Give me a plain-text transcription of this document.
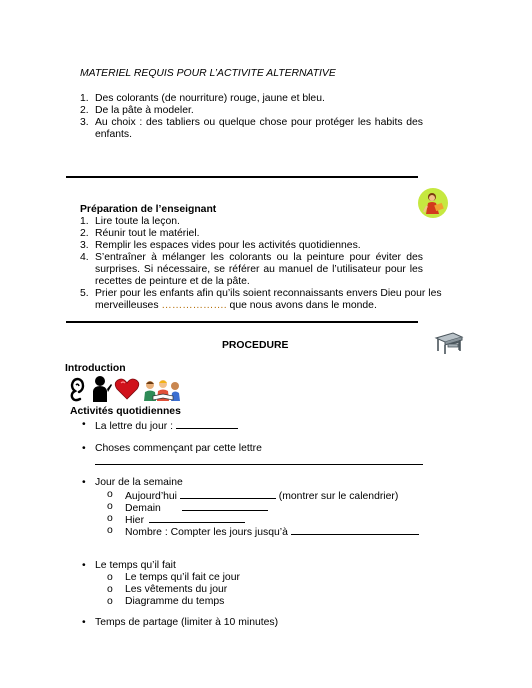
MATERIEL REQUIS POUR L’ACTIVITE ALTERNATIVE
1. Des colorants (de nourriture) rouge, jaune et bleu.
2. De la pâte à modeler.
3. Au choix : des tabliers ou quelque chose pour protéger les habits des
enfants.
Préparation de l’enseignant
1. Lire toute la leçon.
2. Réunir tout le matériel.
3. Remplir les espaces vides pour les activités quotidiennes.
4. S’entraîner à mélanger les colorants ou la peinture pour éviter des
surprises. Si nécessaire, se référer au manuel de l’utilisateur pour les
recettes de peinture et de la pâte.
5. Prier pour les enfants afin qu’ils soient reconnaissants envers Dieu pour les
merveilleuses ………………. que nous avons dans le monde.
PROCEDURE
Introduction
Activités quotidiennes
• La lettre du jour :
• Choses commençant par cette lettre
• Jour de la semaine
o Aujourd’hui	(montrer sur le calendrier)
o Demain
o Hier
o Nombre : Compter les jours jusqu’à
• Le temps qu’il fait
o Le temps qu’il fait ce jour
o Les vêtements du jour
o Diagramme du temps
• Temps de partage (limiter à 10 minutes)
